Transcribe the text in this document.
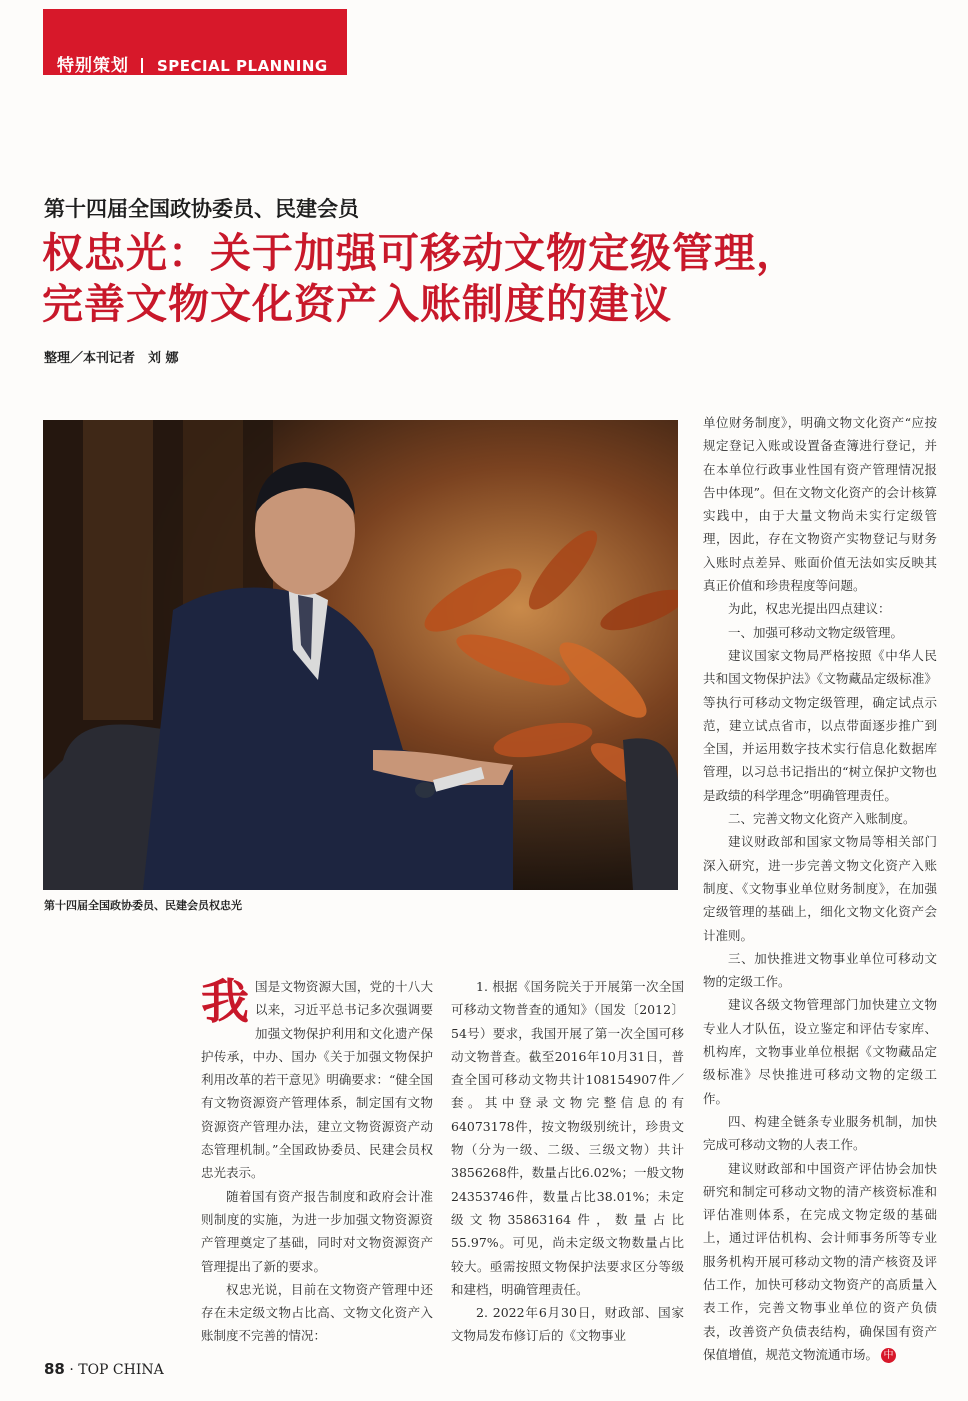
特别策划 SPECIAL PLANNING
第十四届全国政协委员、民建会员
权忠光：关于加强可移动文物定级管理，
完善文物文化资产入账制度的建议
整理／本刊记者　刘 娜
第十四届全国政协委员、民建会员权忠光

我国是文物资源大国，党的十八大以来，习近平总书记多次强调要加强文物保护利用和文化遗产保护传承，中办、国办《关于加强文物保护利用改革的若干意见》明确要求：“健全国有文物资源资产管理体系，制定国有文物资源资产管理办法，建立文物资源资产动态管理机制。”全国政协委员、民建会员权忠光表示。

随着国有资产报告制度和政府会计准则制度的实施，为进一步加强文物资源资产管理奠定了基础，同时对文物资源资产管理提出了新的要求。

权忠光说，目前在文物资产管理中还存在未定级文物占比高、文物文化资产入账制度不完善的情况：

1. 根据《国务院关于开展第一次全国可移动文物普查的通知》（国发〔2012〕54号）要求，我国开展了第一次全国可移动文物普查。截至2016年10月31日，普查全国可移动文物共计108154907件／套。其中登录文物完整信息的有64073178件，按文物级别统计，珍贵文物（分为一级、二级、三级文物）共计3856268件，数量占比6.02%；一般文物24353746件，数量占比38.01%；未定级文物35863164件，数量占比55.97%。可见，尚未定级文物数量占比较大。亟需按照文物保护法要求区分等级和建档，明确管理责任。

2. 2022年6月30日，财政部、国家文物局发布修订后的《文物事业

单位财务制度》，明确文物文化资产“应按规定登记入账或设置备查簿进行登记，并在本单位行政事业性国有资产管理情况报告中体现”。但在文物文化资产的会计核算实践中，由于大量文物尚未实行定级管理，因此，存在文物资产实物登记与财务入账时点差异、账面价值无法如实反映其真正价值和珍贵程度等问题。

为此，权忠光提出四点建议：

一、加强可移动文物定级管理。

建议国家文物局严格按照《中华人民共和国文物保护法》《文物藏品定级标准》等执行可移动文物定级管理，确定试点示范，建立试点省市，以点带面逐步推广到全国，并运用数字技术实行信息化数据库管理，以习总书记指出的“树立保护文物也是政绩的科学理念”明确管理责任。

二、完善文物文化资产入账制度。

建议财政部和国家文物局等相关部门深入研究，进一步完善文物文化资产入账制度、《文物事业单位财务制度》，在加强定级管理的基础上，细化文物文化资产会计准则。

三、加快推进文物事业单位可移动文物的定级工作。

建议各级文物管理部门加快建立文物专业人才队伍，设立鉴定和评估专家库、机构库，文物事业单位根据《文物藏品定级标准》尽快推进可移动文物的定级工作。

四、构建全链条专业服务机制，加快完成可移动文物的人表工作。

建议财政部和中国资产评估协会加快研究和制定可移动文物的清产核资标准和评估准则体系，在完成文物定级的基础上，通过评估机构、会计师事务所等专业服务机构开展可移动文物的清产核资及评估工作，加快可移动文物资产的高质量入表工作，完善文物事业单位的资产负债表，改善资产负债表结构，确保国有资产保值增值，规范文物流通市场。 中

88 · TOP CHINA
